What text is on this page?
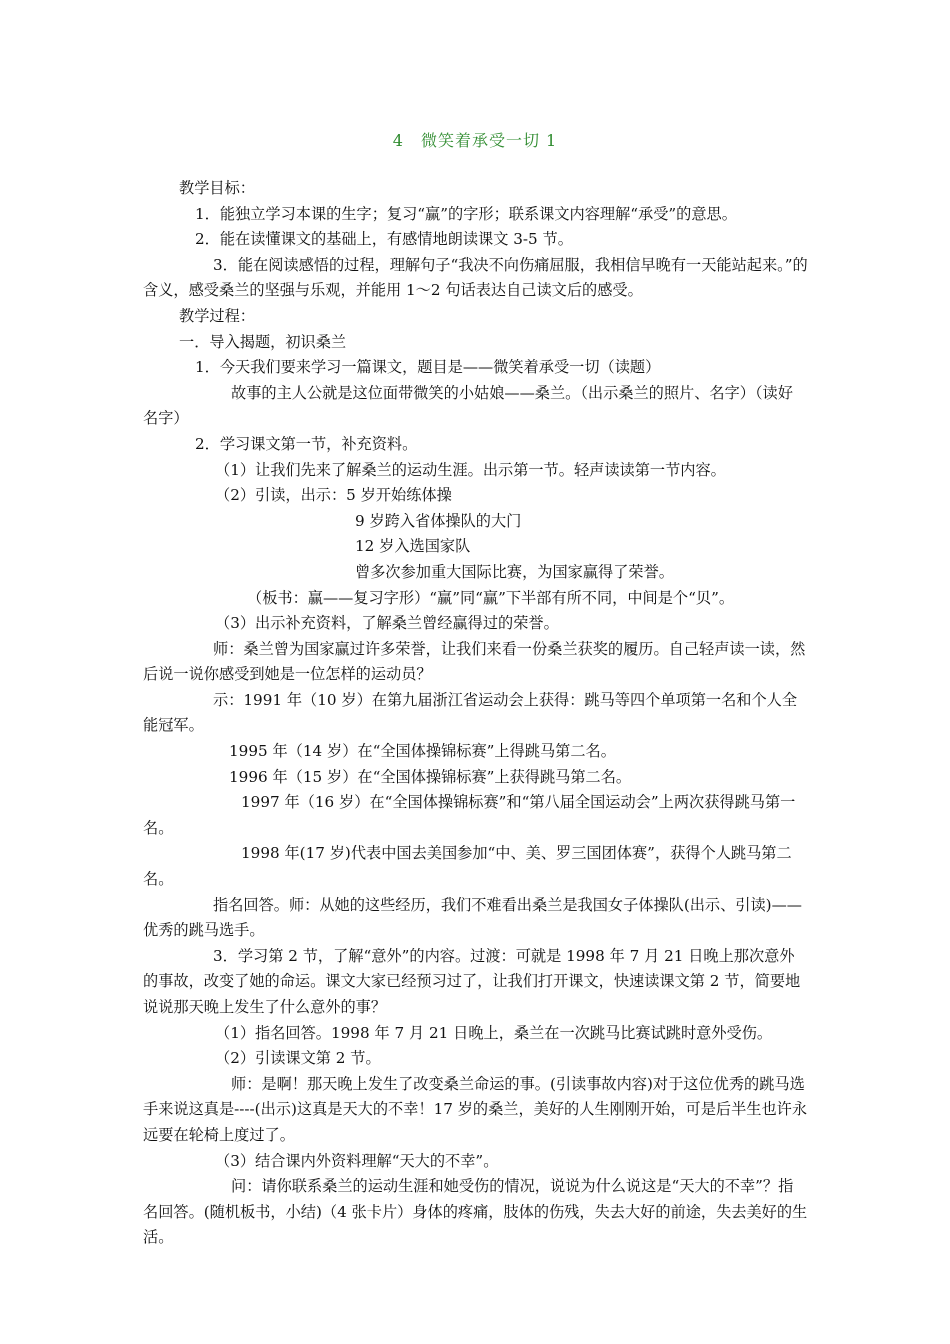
4　微笑着承受一切 1

教学目标：

1．能独立学习本课的生字；复习“赢”的字形；联系课文内容理解“承受”的意思。

2．能在读懂课文的基础上，有感情地朗读课文 3-5 节。

3．能在阅读感悟的过程，理解句子“我决不向伤痛屈服，我相信早晚有一天能站起来。”的含义，感受桑兰的坚强与乐观，并能用 1～2 句话表达自己读文后的感受。

教学过程：

一．导入揭题，初识桑兰

1．今天我们要来学习一篇课文，题目是——微笑着承受一切（读题）

故事的主人公就是这位面带微笑的小姑娘——桑兰。（出示桑兰的照片、名字）（读好名字）

2．学习课文第一节，补充资料。

（1）让我们先来了解桑兰的运动生涯。出示第一节。轻声读读第一节内容。

（2）引读，出示：5 岁开始练体操

9 岁跨入省体操队的大门

12 岁入选国家队

曾多次参加重大国际比赛，为国家赢得了荣誉。

（板书：赢——复习字形）“赢”同“赢”下半部有所不同，中间是个“贝”。

（3）出示补充资料，了解桑兰曾经赢得过的荣誉。

师：桑兰曾为国家赢过许多荣誉，让我们来看一份桑兰获奖的履历。自己轻声读一读，然后说一说你感受到她是一位怎样的运动员？

示：1991 年（10 岁）在第九届浙江省运动会上获得：跳马等四个单项第一名和个人全能冠军。

1995 年（14 岁）在“全国体操锦标赛”上得跳马第二名。

1996 年（15 岁）在“全国体操锦标赛”上获得跳马第二名。

1997 年（16 岁）在“全国体操锦标赛”和“第八届全国运动会”上两次获得跳马第一名。

1998 年(17 岁)代表中国去美国参加“中、美、罗三国团体赛”，获得个人跳马第二名。

指名回答。师：从她的这些经历，我们不难看出桑兰是我国女子体操队(出示、引读)——优秀的跳马选手。

3．学习第 2 节，了解“意外”的内容。过渡：可就是 1998 年 7 月 21 日晚上那次意外的事故，改变了她的命运。课文大家已经预习过了，让我们打开课文，快速读课文第 2 节，简要地说说那天晚上发生了什么意外的事？

（1）指名回答。1998 年 7 月 21 日晚上，桑兰在一次跳马比赛试跳时意外受伤。

（2）引读课文第 2 节。

师：是啊！那天晚上发生了改变桑兰命运的事。(引读事故内容)对于这位优秀的跳马选手来说这真是----(出示)这真是天大的不幸！17 岁的桑兰，美好的人生刚刚开始，可是后半生也许永远要在轮椅上度过了。

（3）结合课内外资料理解“天大的不幸”。

问：请你联系桑兰的运动生涯和她受伤的情况，说说为什么说这是“天大的不幸”？指名回答。(随机板书，小结)（4 张卡片）身体的疼痛，肢体的伤残，失去大好的前途，失去美好的生活。
